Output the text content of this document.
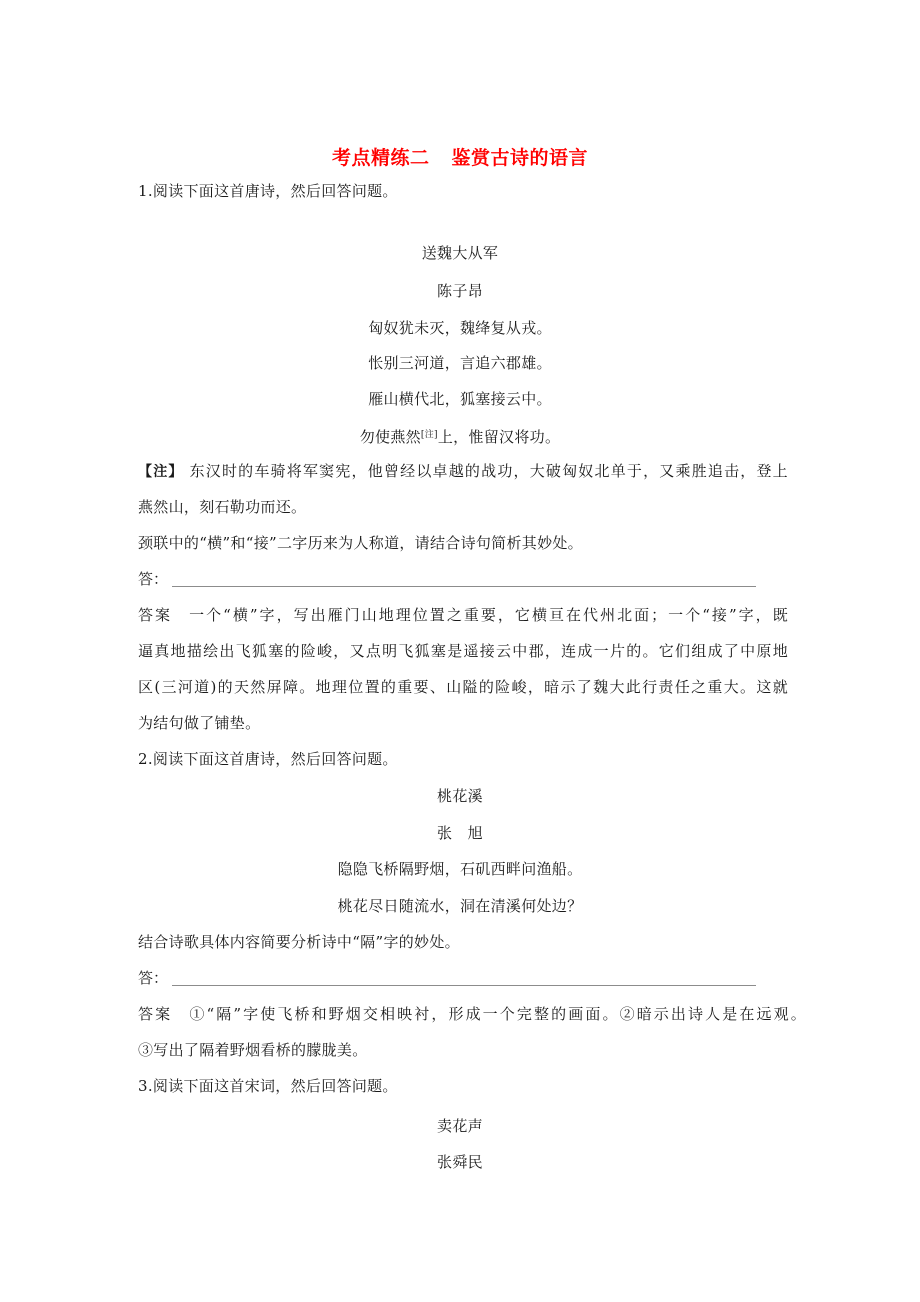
考点精练二 鉴赏古诗的语言
1.阅读下面这首唐诗，然后回答问题。
送魏大从军
陈子昂
匈奴犹未灭，魏绛复从戎。
怅别三河道，言追六郡雄。
雁山横代北，狐塞接云中。
勿使燕然[注]上，惟留汉将功。
【注】 东汉时的车骑将军窦宪，他曾经以卓越的战功，大破匈奴北单于，又乘胜追击，登上
燕然山，刻石勒功而还。
颈联中的“横”和“接”二字历来为人称道，请结合诗句简析其妙处。
答：
答案　一个“横”字，写出雁门山地理位置之重要，它横亘在代州北面；一个“接”字，既
逼真地描绘出飞狐塞的险峻，又点明飞狐塞是遥接云中郡，连成一片的。它们组成了中原地
区(三河道)的天然屏障。地理位置的重要、山隘的险峻，暗示了魏大此行责任之重大。这就
为结句做了铺垫。
2.阅读下面这首唐诗，然后回答问题。
桃花溪
张　旭
隐隐飞桥隔野烟，石矶西畔问渔船。
桃花尽日随流水，洞在清溪何处边？
结合诗歌具体内容简要分析诗中“隔”字的妙处。
答：
答案　①“隔”字使飞桥和野烟交相映衬，形成一个完整的画面。②暗示出诗人是在远观。
③写出了隔着野烟看桥的朦胧美。
3.阅读下面这首宋词，然后回答问题。
卖花声
张舜民
